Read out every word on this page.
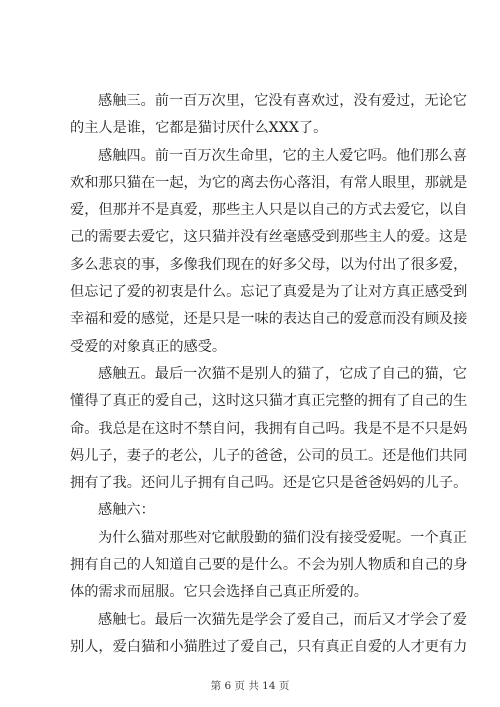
感触三。前一百万次里，它没有喜欢过，没有爱过，无论它
的主人是谁，它都是猫讨厌什么XXX了。

感触四。前一百万次生命里，它的主人爱它吗。他们那么喜
欢和那只猫在一起，为它的离去伤心落泪，有常人眼里，那就是
爱，但那并不是真爱，那些主人只是以自己的方式去爱它，以自
己的需要去爱它，这只猫并没有丝毫感受到那些主人的爱。这是
多么悲哀的事，多像我们现在的好多父母，以为付出了很多爱，
但忘记了爱的初衷是什么。忘记了真爱是为了让对方真正感受到
幸福和爱的感觉，还是只是一味的表达自己的爱意而没有顾及接
受爱的对象真正的感受。

感触五。最后一次猫不是别人的猫了，它成了自己的猫，它
懂得了真正的爱自己，这时这只猫才真正完整的拥有了自己的生
命。我总是在这时不禁自问，我拥有自己吗。我是不是不只是妈
妈儿子，妻子的老公，儿子的爸爸，公司的员工。还是他们共同
拥有了我。还问儿子拥有自己吗。还是它只是爸爸妈妈的儿子。

感触六：

为什么猫对那些对它献殷勤的猫们没有接受爱呢。一个真正
拥有自己的人知道自己要的是什么。不会为别人物质和自己的身
体的需求而屈服。它只会选择自己真正所爱的。

感触七。最后一次猫先是学会了爱自己，而后又才学会了爱
别人，爱白猫和小猫胜过了爱自己，只有真正自爱的人才更有力

第 6 页 共 14 页
